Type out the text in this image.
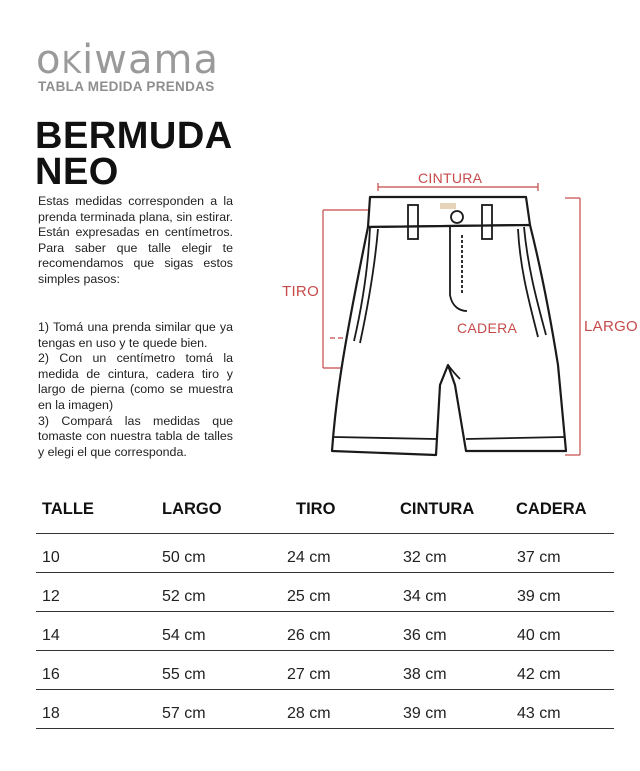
oKiwama
TABLA MEDIDA PRENDAS
BERMUDA
NEO
Estas medidas corresponden a la prenda terminada plana, sin estirar. Están expresadas en centímetros. Para saber que talle elegir te recomendamos que sigas estos simples pasos:
1) Tomá una prenda similar que ya tengas en uso y te quede bien.
2) Con un centímetro tomá la medida de cintura, cadera tiro y largo de pierna (como se muestra en la imagen)
3) Compará las medidas que tomaste con nuestra tabla de talles y elegi el que corresponda.
CINTURA
TIRO
CADERA	LARGO
TALLE	LARGO	TIRO	CINTURA	CADERA
10	50 cm	24 cm	32 cm	37 cm
12	52 cm	25 cm	34 cm	39 cm
14	54 cm	26 cm	36 cm	40 cm
16	55 cm	27 cm	38 cm	42 cm
18	57 cm	28 cm	39 cm	43 cm
